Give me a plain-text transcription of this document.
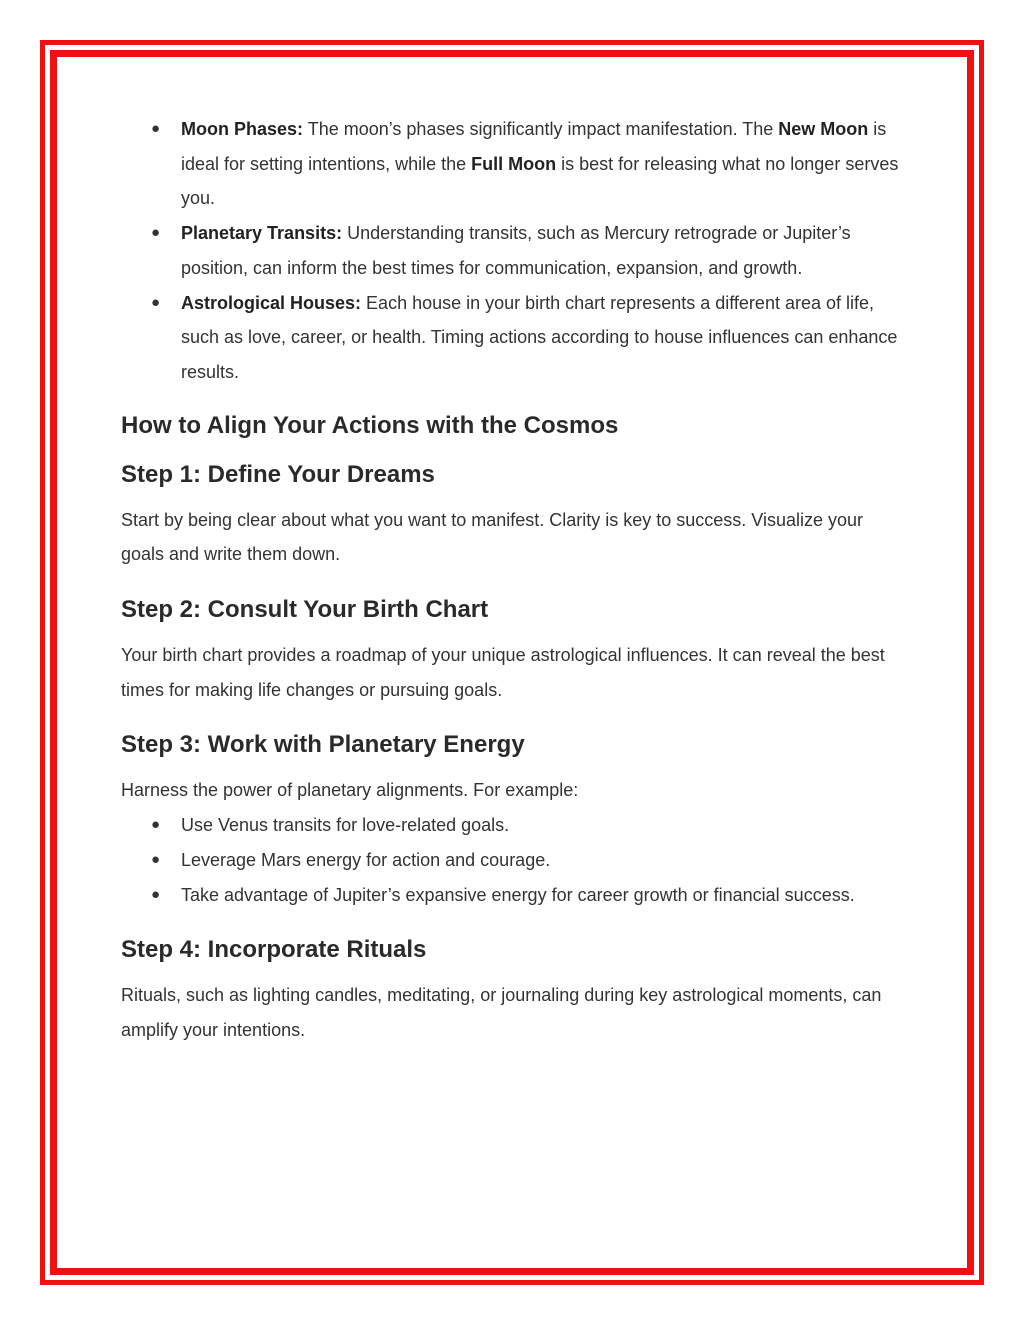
● Moon Phases: The moon’s phases significantly impact manifestation. The New Moon is ideal for setting intentions, while the Full Moon is best for releasing what no longer serves you.
● Planetary Transits: Understanding transits, such as Mercury retrograde or Jupiter’s position, can inform the best times for communication, expansion, and growth.
● Astrological Houses: Each house in your birth chart represents a different area of life, such as love, career, or health. Timing actions according to house influences can enhance results.
How to Align Your Actions with the Cosmos
Step 1: Define Your Dreams

Start by being clear about what you want to manifest. Clarity is key to success. Visualize your goals and write them down.

Step 2: Consult Your Birth Chart

Your birth chart provides a roadmap of your unique astrological influences. It can reveal the best times for making life changes or pursuing goals.

Step 3: Work with Planetary Energy

Harness the power of planetary alignments. For example:

● Use Venus transits for love-related goals.
● Leverage Mars energy for action and courage.
● Take advantage of Jupiter’s expansive energy for career growth or financial success.
Step 4: Incorporate Rituals

Rituals, such as lighting candles, meditating, or journaling during key astrological moments, can amplify your intentions.
